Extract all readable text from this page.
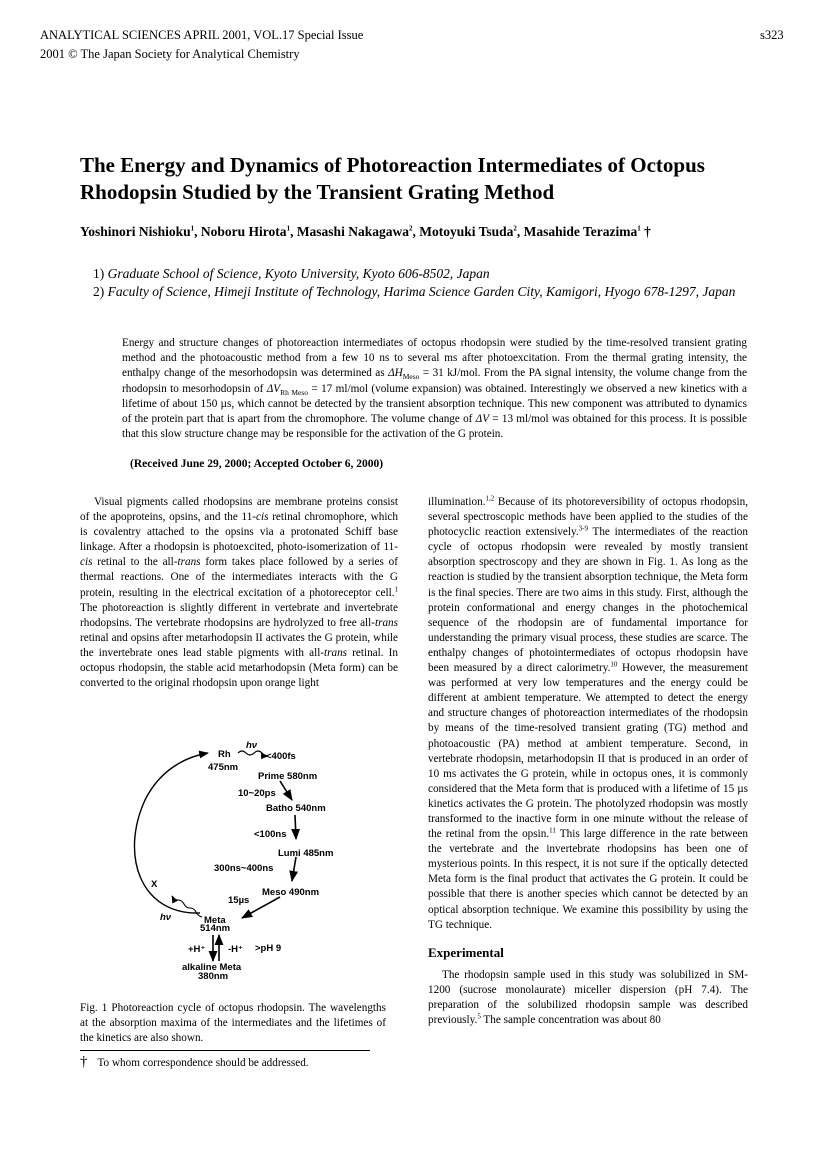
ANALYTICAL SCIENCES APRIL 2001, VOL.17 Special Issue
2001 © The Japan Society for Analytical Chemistry
s323
The Energy and Dynamics of Photoreaction Intermediates of Octopus Rhodopsin Studied by the Transient Grating Method
Yoshinori Nishioku$^1$, Noboru Hirota$^1$, Masashi Nakagawa$^2$, Motoyuki Tsuda$^2$, Masahide Terazima$^1$ †
1) Graduate School of Science, Kyoto University, Kyoto 606-8502, Japan
2) Faculty of Science, Himeji Institute of Technology, Harima Science Garden City, Kamigori, Hyogo 678-1297, Japan
Energy and structure changes of photoreaction intermediates of octopus rhodopsin were studied by the time-resolved transient grating method and the photoacoustic method from a few 10 ns to several ms after photoexcitation. From the thermal grating intensity, the enthalpy change of the mesorhodopsin was determined as $\Delta H_{Meso} = 31$ kJ/mol. From the PA signal intensity, the volume change from the rhodopsin to mesorhodopsin of $\Delta V_{Rh Meso} = 17$ ml/mol (volume expansion) was obtained. Interestingly we observed a new kinetics with a lifetime of about 150 µs, which cannot be detected by the transient absorption technique. This new component was attributed to dynamics of the protein part that is apart from the chromophore. The volume change of ΔV = 13 ml/mol was obtained for this process. It is possible that this slow structure change may be responsible for the activation of the G protein.
(Received June 29, 2000; Accepted October 6, 2000)

Visual pigments called rhodopsins are membrane proteins consist of the apoproteins, opsins, and the 11-cis retinal chromophore, which is covalentry attached to the opsins via a protonated Schiff base linkage. After a rhodopsin is photoexcited, photo-isomerization of 11-cis retinal to the all-trans form takes place followed by a series of thermal reactions. One of the intermediates interacts with the G protein, resulting in the electrical excitation of a photoreceptor cell.$^1$ The photoreaction is slightly different in vertebrate and invertebrate rhodopsins. The vertebrate rhodopsins are hydrolyzed to free all-trans retinal and opsins after metarhodopsin II activates the G protein, while the invertebrate ones lead stable pigments with all-trans retinal. In octopus rhodopsin, the stable acid metarhodopsin (Meta form) can be converted to the original rhodopsin upon orange light

Rh
475nm
hν
<400fs
Prime 580nm
10~20ps
Batho 540nm
<100ns
Lumi 485nm
300ns~400ns
Meso 490nm
15µs
Meta
514nm
X
hν
+H⁺ -H⁺ >pH 9
alkaline Meta
380nm
Fig. 1 Photoreaction cycle of octopus rhodopsin. The wavelengths at the absorption maxima of the intermediates and the lifetimes of the kinetics are also shown.
† To whom correspondence should be addressed.

illumination.$^{1,2}$ Because of its photoreversibility of octopus rhodopsin, several spectroscopic methods have been applied to the studies of the photocyclic reaction extensively.$^{3-9}$ The intermediates of the reaction cycle of octopus rhodopsin were revealed by mostly transient absorption spectroscopy and they are shown in Fig. 1. As long as the reaction is studied by the transient absorption technique, the Meta form is the final species. There are two aims in this study. First, although the protein conformational and energy changes in the photochemical sequence of the rhodopsin are of fundamental importance for understanding the primary visual process, these studies are scarce. The enthalpy changes of photointermediates of octopus rhodopsin have been measured by a direct calorimetry.$^{10}$ However, the measurement was performed at very low temperatures and the energy could be different at ambient temperature. We attempted to detect the energy and structure changes of photoreaction intermediates of the rhodopsin by means of the time-resolved transient grating (TG) method and photoacoustic (PA) method at ambient temperature. Second, in vertebrate rhodopsin, metarhodopsin II that is produced in an order of 10 ms activates the G protein, while in octopus ones, it is commonly considered that the Meta form that is produced with a lifetime of 15 µs kinetics activates the G protein. The photolyzed rhodopsin was mostly transformed to the inactive form in one minute without the release of the retinal from the opsin.$^{11}$ This large difference in the rate between the vertebrate and the invertebrate rhodopsins has been one of mysterious points. In this respect, it is not sure if the optically detected Meta form is the final product that activates the G protein. It could be possible that there is another species which cannot be detected by an optical absorption technique. We examine this possibility by using the TG technique.

Experimental

The rhodopsin sample used in this study was solubilized in SM-1200 (sucrose monolaurate) miceller dispersion (pH 7.4). The preparation of the solubilized rhodopsin sample was described previously.$^5$ The sample concentration was about 80
